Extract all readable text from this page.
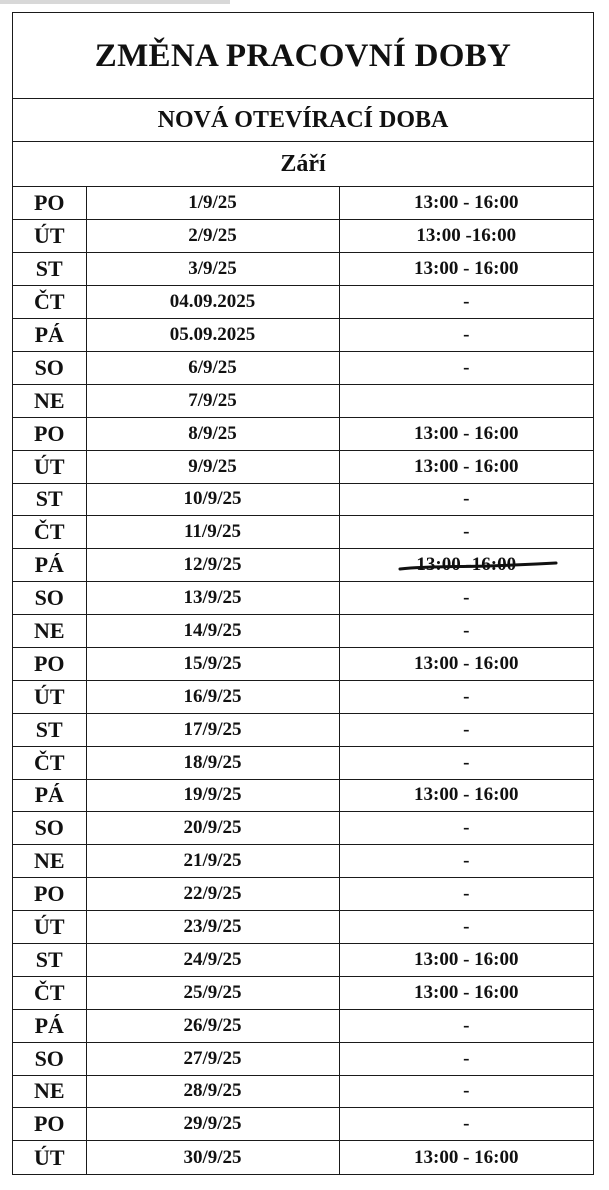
ZMĚNA PRACOVNÍ DOBY
NOVÁ OTEVÍRACÍ DOBA
Září
PO	1/9/25	13:00 - 16:00
ÚT	2/9/25	13:00 -16:00
ST	3/9/25	13:00 - 16:00
ČT	04.09.2025	-
PÁ	05.09.2025	-
SO	6/9/25	-
NE	7/9/25	
PO	8/9/25	13:00 - 16:00
ÚT	9/9/25	13:00 - 16:00
ST	10/9/25	-
ČT	11/9/25	-
PÁ	12/9/25	13:00 -16:00

SO	13/9/25	-
NE	14/9/25	-
PO	15/9/25	13:00 - 16:00
ÚT	16/9/25	-
ST	17/9/25	-
ČT	18/9/25	-
PÁ	19/9/25	13:00 - 16:00
SO	20/9/25	-
NE	21/9/25	-
PO	22/9/25	-
ÚT	23/9/25	-
ST	24/9/25	13:00 - 16:00
ČT	25/9/25	13:00 - 16:00
PÁ	26/9/25	-
SO	27/9/25	-
NE	28/9/25	-
PO	29/9/25	-
ÚT	30/9/25	13:00 - 16:00
